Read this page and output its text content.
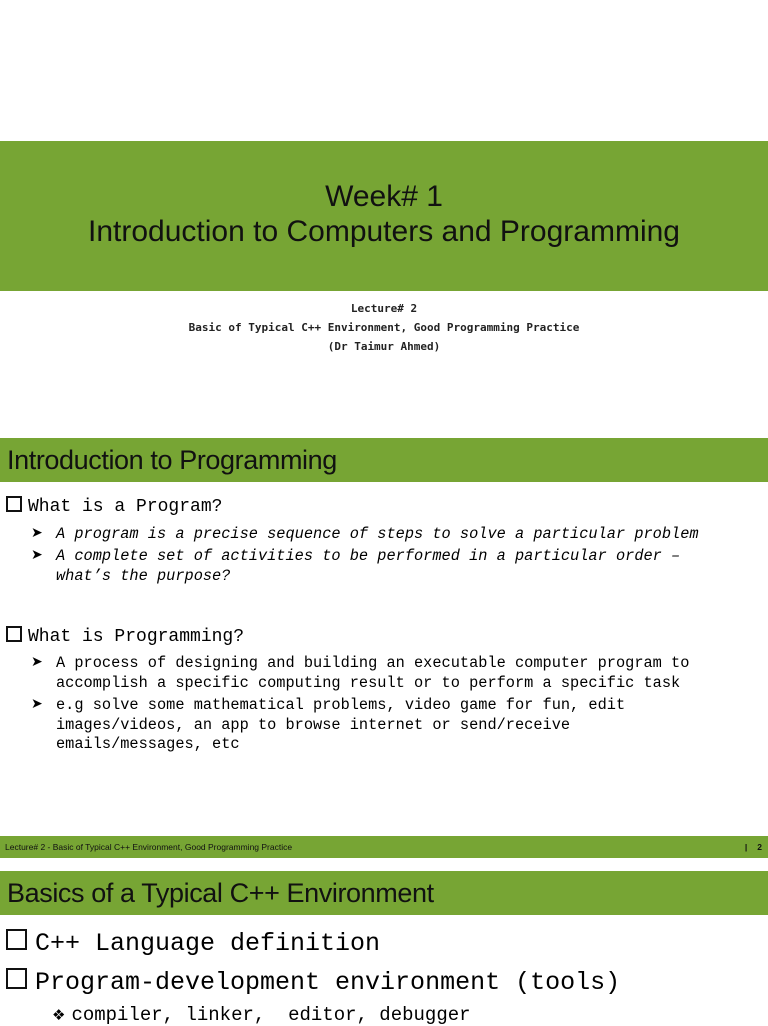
Week# 1
Introduction to Computers and Programming
Lecture# 2
Basic of Typical C++ Environment, Good Programming Practice
(Dr Taimur Ahmed)
Introduction to Programming
What is a Program?
➤ A program is a precise sequence of steps to solve a particular problem
➤ A complete set of activities to be performed in a particular order –
what’s the purpose?
What is Programming?
➤ A process of designing and building an executable computer program to
accomplish a specific computing result or to perform a specific task
➤ e.g solve some mathematical problems, video game for fun, edit
images/videos, an app to browse internet or send/receive
emails/messages, etc
Lecture# 2 - Basic of Typical C++ Environment, Good Programming Practice	| 2
Basics of a Typical C++ Environment
C++ Language definition
Program-development environment (tools)
❖ compiler, linker,  editor, debugger
